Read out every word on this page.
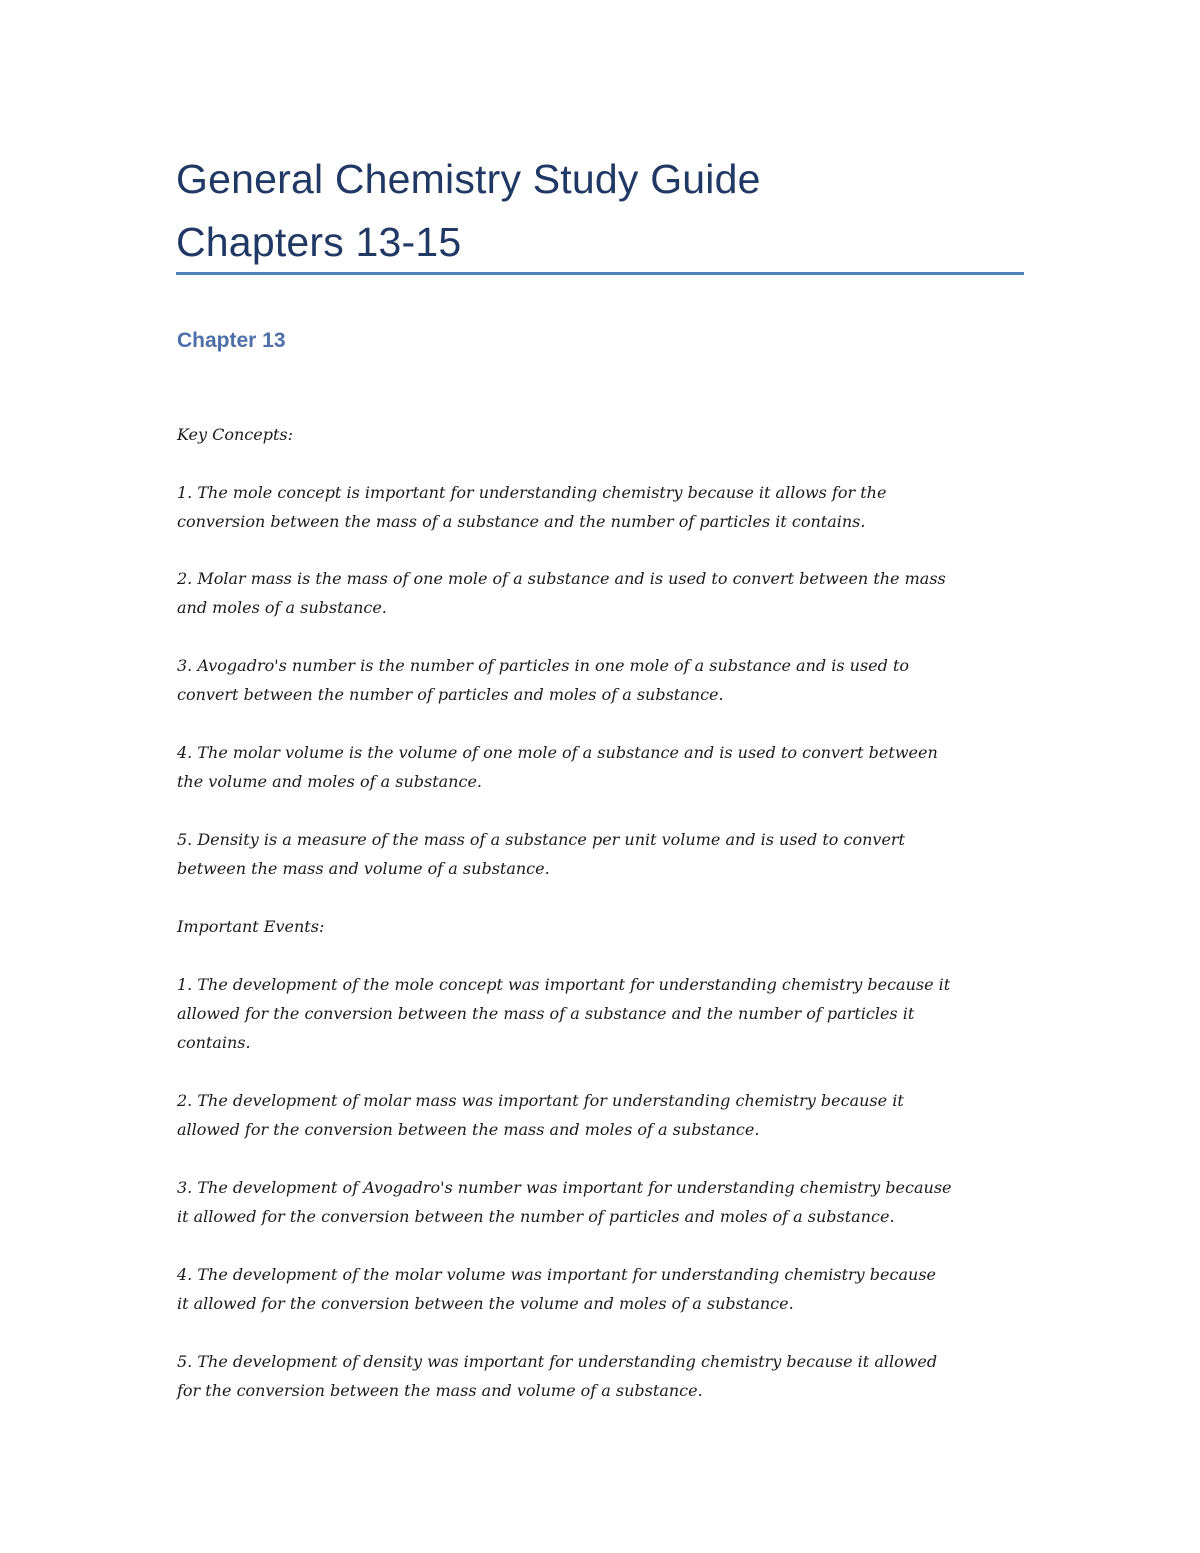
General Chemistry Study Guide
Chapters 13-15
Chapter 13

Key Concepts:

1. The mole concept is important for understanding chemistry because it allows for the
conversion between the mass of a substance and the number of particles it contains.

2. Molar mass is the mass of one mole of a substance and is used to convert between the mass
and moles of a substance.

3. Avogadro's number is the number of particles in one mole of a substance and is used to
convert between the number of particles and moles of a substance.

4. The molar volume is the volume of one mole of a substance and is used to convert between
the volume and moles of a substance.

5. Density is a measure of the mass of a substance per unit volume and is used to convert
between the mass and volume of a substance.

Important Events:

1. The development of the mole concept was important for understanding chemistry because it
allowed for the conversion between the mass of a substance and the number of particles it
contains.

2. The development of molar mass was important for understanding chemistry because it
allowed for the conversion between the mass and moles of a substance.

3. The development of Avogadro's number was important for understanding chemistry because
it allowed for the conversion between the number of particles and moles of a substance.

4. The development of the molar volume was important for understanding chemistry because
it allowed for the conversion between the volume and moles of a substance.

5. The development of density was important for understanding chemistry because it allowed
for the conversion between the mass and volume of a substance.
